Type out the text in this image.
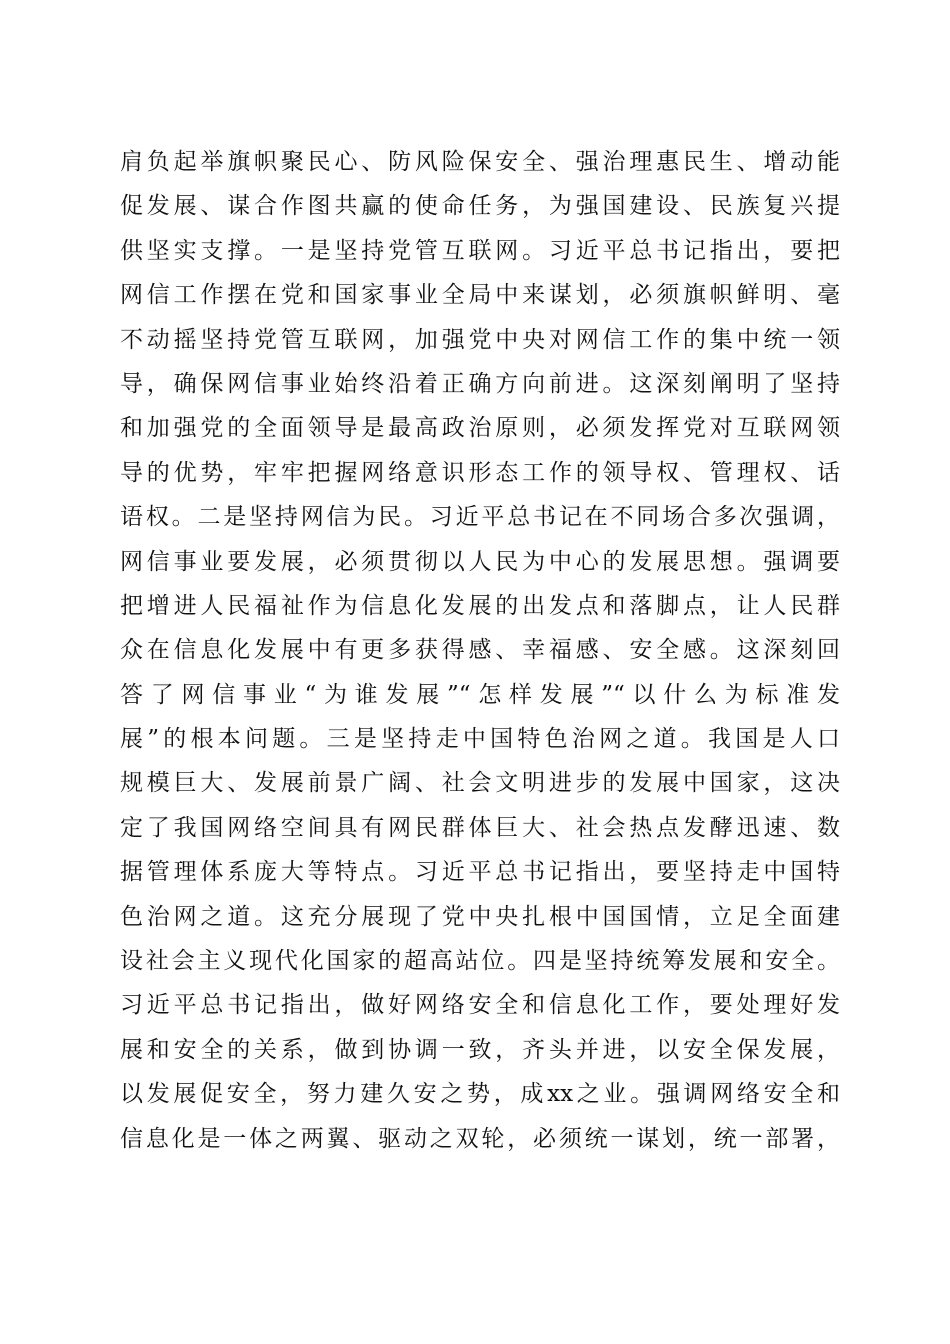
肩负起举旗帜聚民心、防风险保安全、强治理惠民生、增动能
促发展、谋合作图共赢的使命任务，为强国建设、民族复兴提
供坚实支撑。一是坚持党管互联网。习近平总书记指出，要把
网信工作摆在党和国家事业全局中来谋划，必须旗帜鲜明、毫
不动摇坚持党管互联网，加强党中央对网信工作的集中统一领
导，确保网信事业始终沿着正确方向前进。这深刻阐明了坚持
和加强党的全面领导是最高政治原则，必须发挥党对互联网领
导的优势，牢牢把握网络意识形态工作的领导权、管理权、话
语权。二是坚持网信为民。习近平总书记在不同场合多次强调，
网信事业要发展，必须贯彻以人民为中心的发展思想。强调要
把增进人民福祉作为信息化发展的出发点和落脚点，让人民群
众在信息化发展中有更多获得感、幸福感、安全感。这深刻回
答了网信事业“为谁发展”“怎样发展”“以什么为标准发
展”的根本问题。三是坚持走中国特色治网之道。我国是人口
规模巨大、发展前景广阔、社会文明进步的发展中国家，这决
定了我国网络空间具有网民群体巨大、社会热点发酵迅速、数
据管理体系庞大等特点。习近平总书记指出，要坚持走中国特
色治网之道。这充分展现了党中央扎根中国国情，立足全面建
设社会主义现代化国家的超高站位。四是坚持统筹发展和安全。
习近平总书记指出，做好网络安全和信息化工作，要处理好发
展和安全的关系，做到协调一致，齐头并进，以安全保发展，
以发展促安全，努力建久安之势，成xx之业。强调网络安全和
信息化是一体之两翼、驱动之双轮，必须统一谋划，统一部署，
